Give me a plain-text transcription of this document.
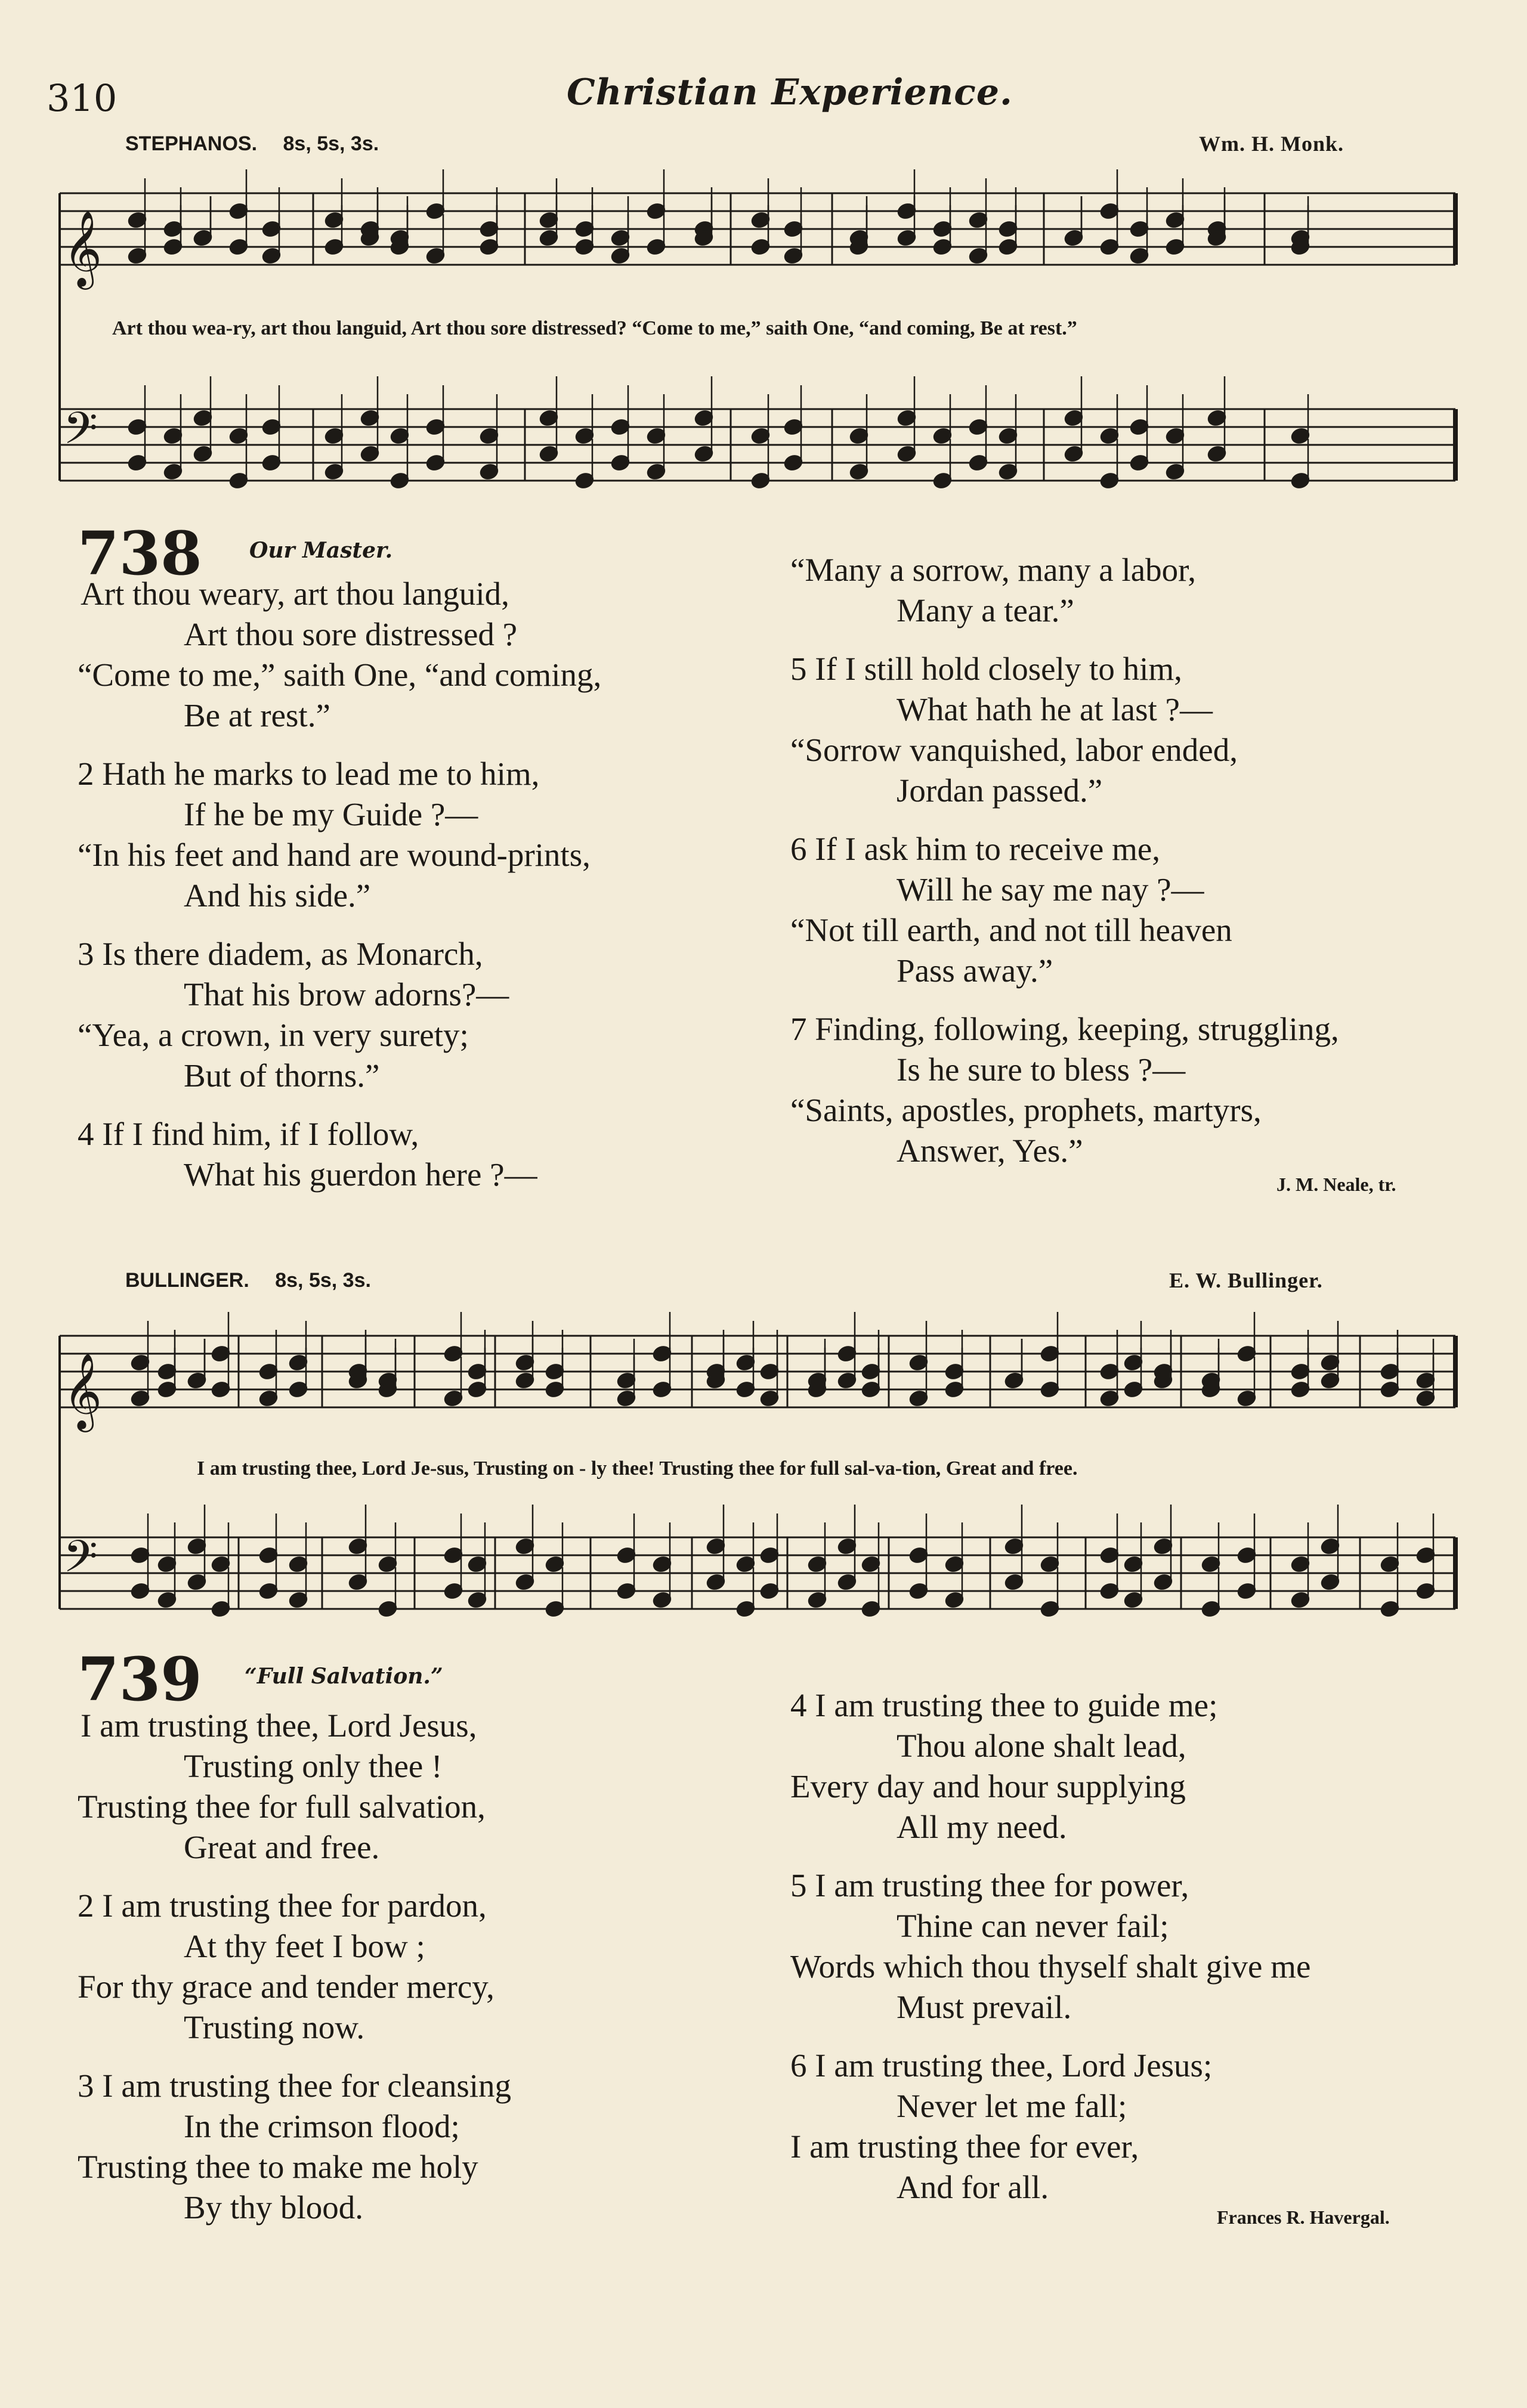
310	Christian Experience.
STEPHANOS. 8s, 5s, 3s.	Wm. H. Monk.
𝄞
𝄢
𝄞
𝄢
Art thou wea-ry, art thou languid, Art thou sore distressed? “Come to me,” saith One, “and coming, Be at rest.”
738 Our Master.
Art thou weary, art thou languid,
Art thou sore distressed ?
“Come to me,” saith One, “and coming,
Be at rest.”
2 Hath he marks to lead me to him,
If he be my Guide ?—
“In his feet and hand are wound-prints,
And his side.”
3 Is there diadem, as Monarch,
That his brow adorns?—
“Yea, a crown, in very surety;
But of thorns.”
4 If I find him, if I follow,
What his guerdon here ?—
“Many a sorrow, many a labor,
Many a tear.”
5 If I still hold closely to him,
What hath he at last ?—
“Sorrow vanquished, labor ended,
Jordan passed.”
6 If I ask him to receive me,
Will he say me nay ?—
“Not till earth, and not till heaven
Pass away.”
7 Finding, following, keeping, struggling,
Is he sure to bless ?—
“Saints, apostles, prophets, martyrs,
Answer, Yes.”
J. M. Neale, tr.
BULLINGER. 8s, 5s, 3s.	E. W. Bullinger.
I am trusting thee, Lord Je-sus, Trusting on - ly thee! Trusting thee for full sal-va-tion, Great and free.
739 “Full Salvation.”
I am trusting thee, Lord Jesus,
Trusting only thee !
Trusting thee for full salvation,
Great and free.
2 I am trusting thee for pardon,
At thy feet I bow ;
For thy grace and tender mercy,
Trusting now.
3 I am trusting thee for cleansing
In the crimson flood;
Trusting thee to make me holy
By thy blood.
4 I am trusting thee to guide me;
Thou alone shalt lead,
Every day and hour supplying
All my need.
5 I am trusting thee for power,
Thine can never fail;
Words which thou thyself shalt give me
Must prevail.
6 I am trusting thee, Lord Jesus;
Never let me fall;
I am trusting thee for ever,
And for all.
Frances R. Havergal.
